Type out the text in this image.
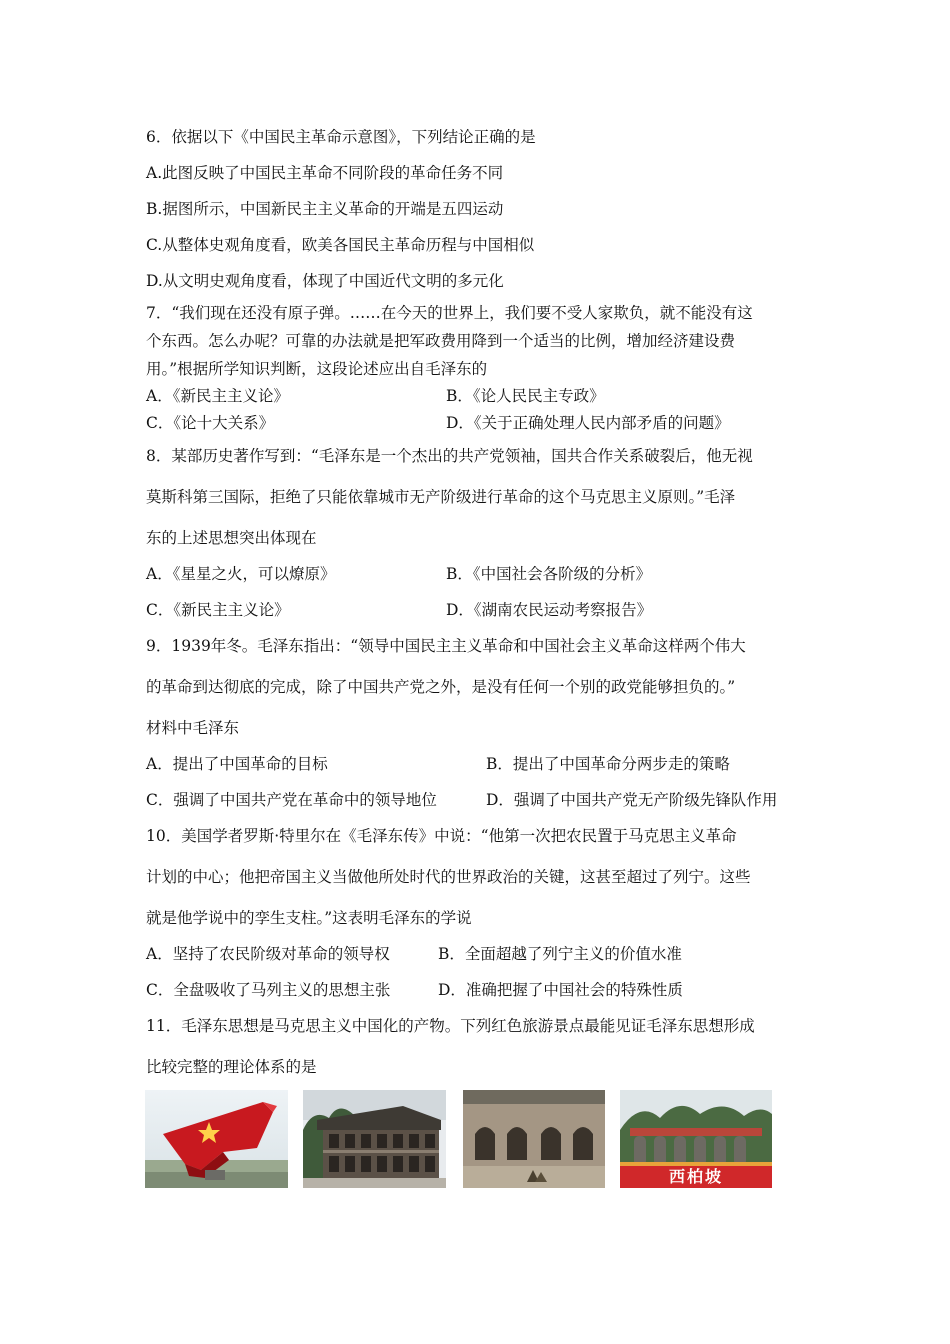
6．依据以下《中国民主革命示意图》，下列结论正确的是
A.此图反映了中国民主革命不同阶段的革命任务不同
B.据图所示，中国新民主主义革命的开端是五四运动
C.从整体史观角度看，欧美各国民主革命历程与中国相似
D.从文明史观角度看，体现了中国近代文明的多元化
7．“我们现在还没有原子弹。……在今天的世界上，我们要不受人家欺负，就不能没有这
个东西。怎么办呢？可靠的办法就是把军政费用降到一个适当的比例，增加经济建设费
用。”根据所学知识判断，这段论述应出自毛泽东的
A．《新民主主义论》	B．《论人民民主专政》
C．《论十大关系》	D．《关于正确处理人民内部矛盾的问题》
8．某部历史著作写到：“毛泽东是一个杰出的共产党领袖，国共合作关系破裂后，他无视
莫斯科第三国际，拒绝了只能依靠城市无产阶级进行革命的这个马克思主义原则。”毛泽
东的上述思想突出体现在
A．《星星之火，可以燎原》	B．《中国社会各阶级的分析》
C．《新民主主义论》	D．《湖南农民运动考察报告》
9．1939年冬。毛泽东指出：“领导中国民主主义革命和中国社会主义革命这样两个伟大
的革命到达彻底的完成，除了中国共产党之外，是没有任何一个别的政党能够担负的。”
材料中毛泽东
A．提出了中国革命的目标	B．提出了中国革命分两步走的策略
C．强调了中国共产党在革命中的领导地位	D．强调了中国共产党无产阶级先锋队作用
10．美国学者罗斯·特里尔在《毛泽东传》中说：“他第一次把农民置于马克思主义革命
计划的中心；他把帝国主义当做他所处时代的世界政治的关键，这甚至超过了列宁。这些
就是他学说中的孪生支柱。”这表明毛泽东的学说
A．坚持了农民阶级对革命的领导权	B．全面超越了列宁主义的价值水准
C．全盘吸收了马列主义的思想主张	D．准确把握了中国社会的特殊性质
11．毛泽东思想是马克思主义中国化的产物。下列红色旅游景点最能见证毛泽东思想形成
比较完整的理论体系的是
西柏坡
